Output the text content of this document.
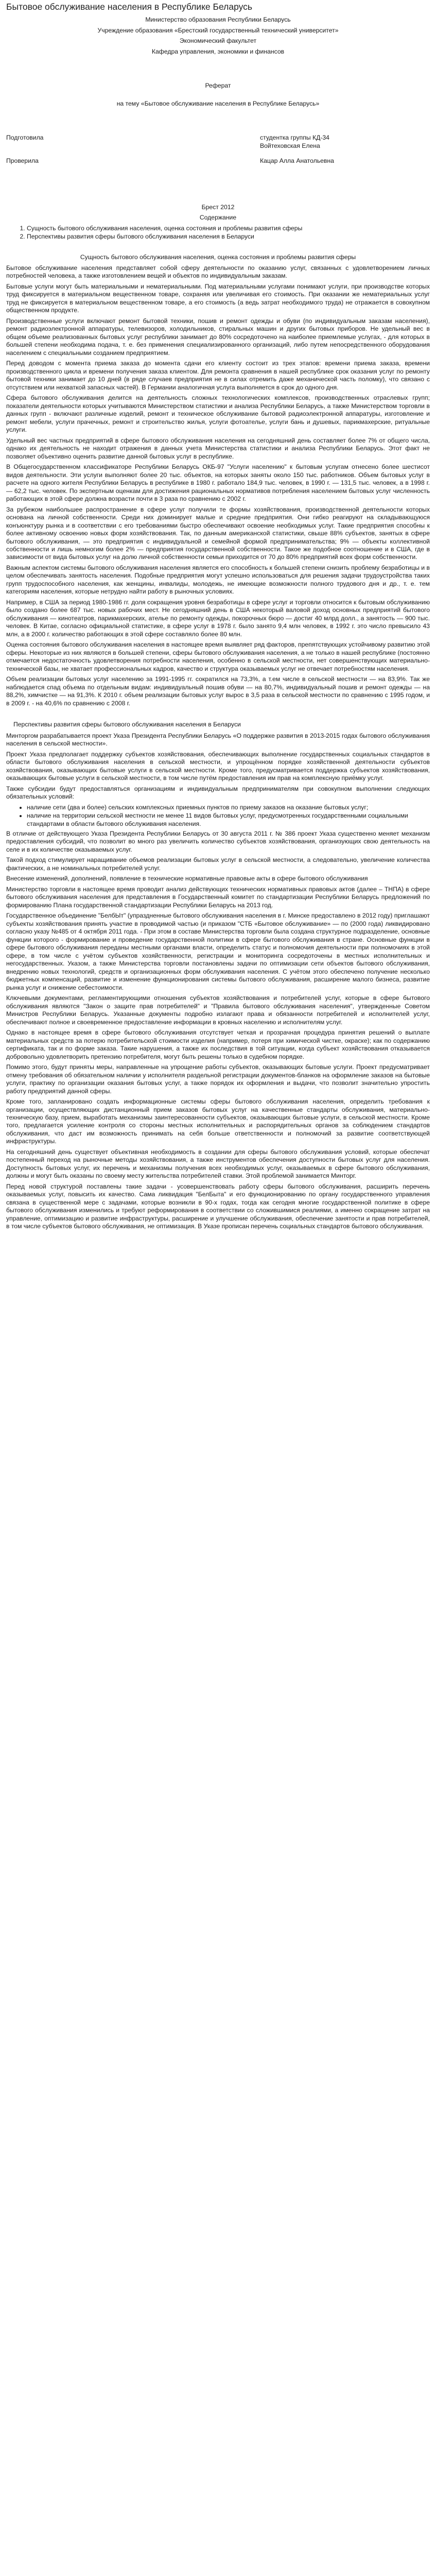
Бытовое обслуживание населения в Республике Беларусь

Министерство образования Республики Беларусь

Учреждение образования «Брестский государственный технический университет»

Экономический факультет

Кафедра управления, экономики и финансов

Реферат

на тему «Бытовое обслуживание населения в Республике Беларусь»

Подготовила	студентка группы КД-34
Войтеховская Елена
Проверила	Кацар Алла Анатольевна

Брест 2012

Содержание

1. Сущность бытового обслуживания населения, оценка состояния и проблемы развития сферы
2. Перспективы развития сферы бытового обслуживания населения в Беларуси
Сущность бытового обслуживания населения, оценка состояния и проблемы развития сферы

Бытовое обслуживание населения представляет собой сферу деятельности по оказанию услуг, связанных с удовлетворением личных потребностей человека, а также изготовлением вещей и объектов по индивидуальным заказам.

Бытовые услуги могут быть материальными и нематериальными. Под материальными услугами понимают услуги, при производстве которых труд фиксируется в материальном вещественном товаре, сохраняя или увеличивая его стоимость. При оказании же нематериальных услуг труд не фиксируется в материальном вещественном товаре, а его стоимость (а ведь затрат необходимого труда) не отражается в совокупном общественном продукте.

Производственные услуги включают ремонт бытовой техники, пошив и ремонт одежды и обуви (по индивидуальным заказам населения), ремонт радиоэлектронной аппаратуры, телевизоров, холодильников, стиральных машин и других бытовых приборов. Не удельный вес в общем объеме реализованных бытовых услуг республики занимает до 80% сосредоточено на наиболее приемлемые услугах, - для которых в большей степени необходима подача, т. е. без применения специализированного организаций, либо путем непосредственного оборудования населением с специальными созданием предприятием.

Перед доводом с момента приема заказа до момента сдачи его клиенту состоит из трех этапов: времени приема заказа, времени производственного цикла и времени получения заказа клиентом. Для ремонта сравнения в нашей республике срок оказания услуг по ремонту бытовой техники занимает до 10 дней (в ряде случаев предприятия не в силах отремить даже механической часть поломку), что связано с отсутствием или нехваткой запасных частей). В Германии аналогичная услуга выполняется в срок до одного дня.

Сфера бытового обслуживания делится на деятельность сложных технологических комплексов, производственных отраслевых групп; показатели деятельности которых учитываются Министерством статистики и анализа Республики Беларусь, а также Министерством торговли в данных групп - включают различные изделий, ремонт и техническое обслуживание бытовой радиоэлектронной аппаратуры, изготовление и ремонт мебели, услуги прачечных, ремонт и строительство жилья, услуги фотоателье, услуги бань и душевых, парикмахерские, ритуальные услуги.

Удельный вес частных предприятий в сфере бытового обслуживания населения на сегодняшний день составляет более 7% от общего числа, однако их деятельность не находит отражения в данных учета Министерства статистики и анализа Республики Беларусь. Этот факт не позволяет объективно оценить развитие данной бытовых услуг в республике.

В Общегосударственном классификаторе Республики Беларусь ОКБ-97 "Услуги населению" к бытовым услугам отнесено более шестисот видов деятельности. Эти услуги выполняют более 20 тыс. объектов, на которых заняты около 150 тыс. работников. Объем бытовых услуг в расчете на одного жителя Республики Беларусь в республике в 1980 г. работало 184,9 тыс. человек, в 1990 г. — 131,5 тыс. человек, а в 1998 г. — 62,2 тыс. человек. По экспертным оценкам для достижения рациональных нормативов потребления населением бытовых услуг численность работающих в этой сфере должна возрасти почти в 3 раза по сравнению с 2002 г.

За рубежом наибольшее распространение в сфере услуг получили те формы хозяйствования, производственной деятельности которых основана на личной собственности. Среди них доминирует малые и средние предприятия. Они гибко реагируют на складывающуюся конъюнктуру рынка и в соответствии с его требованиями быстро обеспечивают освоение необходимых услуг. Такие предприятия способны к более активному освоению новых форм хозяйствования. Так, по данным американской статистики, свыше 88% субъектов, занятых в сфере бытового обслуживания, — это предприятия с индивидуальной и семейной формой предпринимательства; 9% — объекты коллективной собственности и лишь немногим более 2% — предприятия государственной собственности. Такое же подобное соотношение и в США, где в зависимости от вида бытовых услуг на долю личной собственности семьи приходится от 70 до 80% предприятий всех форм собственности.

Важным аспектом системы бытового обслуживания населения является его способность к большей степени снизить проблему безработицы и в целом обеспечивать занятость населения. Подобные предприятия могут успешно использоваться для решения задачи трудоустройства таких групп трудоспособного населения, как женщины, инвалиды, молодежь, не имеющие возможности полного трудового дня и др., т. е. тем категориям населения, которые нетрудно найти работу в рыночных условиях.

Например, в США за период 1980-1986 гг. доля сокращения уровня безработицы в сфере услуг и торговли относится к бытовым обслуживанию было создано более 687 тыс. новых рабочих мест. Не сегодняшний день в США некоторый валовой доход основных предприятий бытового обслуживания — кинотеатров, парикмахерских, ателье по ремонту одежды, покорочных бюро — достиг 40 млрд долл., а занятость — 900 тыс. человек. В Китае, согласно официальной статистике, в сфере услуг в 1978 г. было занято 9,4 млн человек, в 1992 г. это число превысило 43 млн, а в 2000 г. количество работающих в этой сфере составляло более 80 млн.

Оценка состояния бытового обслуживания населения в настоящее время выявляет ряд факторов, препятствующих устойчивому развитию этой сферы. Некоторые из них являются в большей степени, сферы бытового обслуживания населения, а не только в нашей республике (постоянно отмечается недостаточность удовлетворения потребности населения, особенно в сельской местности, нет совершенствующих материально-технической базы, не хватает профессиональных кадров, качество и структура оказываемых услуг не отвечает потребностям населения.

Объем реализации бытовых услуг населению за 1991-1995 гг. сократился на 73,3%, а т.ем числе в сельской местности — на 83,9%. Так же наблюдается спад объема по отдельным видам: индивидуальный пошив обуви — на 80,7%, индивидуальный пошив и ремонт одежды — на 88,2%, химчистке — на 91,3%. К 2010 г. объем реализации бытовых услуг вырос в 3,5 раза в сельской местности по сравнению с 1995 годом, и в 2009 г. - на 40,6% по сравнению с 2008 г.

Перспективы развития сферы бытового обслуживания населения в Беларуси

Минторгом разрабатывается проект Указа Президента Республики Беларусь «О поддержке развития в 2013-2015 годах бытового обслуживания населения в сельской местности».

Проект Указа предполагает поддержку субъектов хозяйствования, обеспечивающих выполнение государственных социальных стандартов в области бытового обслуживания населения в сельской местности, и упрощённом порядке хозяйственной деятельности субъектов хозяйствования, оказывающих бытовые услуги в сельской местности. Кроме того, предусматривается поддержка субъектов хозяйствования, оказывающих бытовые услуги в сельской местности, в том числе путём предоставления им прав на комплексную приёмку услуг.

Также субсидии будут предоставляться организациям и индивидуальным предпринимателям при совокупном выполнении следующих обязательных условий:

• наличие сети (два и более) сельских комплексных приемных пунктов по приему заказов на оказание бытовых услуг;
• наличие на территории сельской местности не менее 11 видов бытовых услуг, предусмотренных государственными социальными стандартами в области бытового обслуживания населения.

В отличие от действующего Указа Президента Республики Беларусь от 30 августа 2011 г. № 386 проект Указа существенно меняет механизм предоставления субсидий, что позволит во много раз увеличить количество субъектов хозяйствования, организующих свою деятельность на селе и в их количестве оказываемых услуг.

Такой подход стимулирует наращивание объемов реализации бытовых услуг в сельской местности, а следовательно, увеличение количества фактических, а не номинальных потребителей услуг.

Внесение изменений, дополнений, появление в технические нормативные правовые акты в сфере бытового обслуживания

Министерство торговли в настоящее время проводит анализ действующих технических нормативных правовых актов (далее – ТНПА) в сфере бытового обслуживания населения для представления в Государственный комитет по стандартизации Республики Беларусь предложений по формированию Плана государственной стандартизации Республики Беларусь на 2013 год.

Государственное объединение "БелбЫт" (упраздненные бытового обслуживания населения в г. Минске предоставлено в 2012 году) приглашают субъекты хозяйствования принять участие в проводимой частью (и приказом "СТБ «Бытовое обслуживание» — по (2000 года) ликвидировано согласно указу №485 от 4 октября 2011 года. - При этом в составе Министерства торговли была создана структурное подразделение, основные функции которого - формирование и проведение государственной политики в сфере бытового обслуживания в стране. Основные функции в сфере бытового обслуживания переданы местными органами власти, определить статус и полномочия деятельности при полномочиях в этой сфере, в том числе с учётом субъектов хозяйственности, регистрации и мониторинга сосредоточены в местных исполнительных и негосударственных. Указом, а также Министерства торговли постановлены задачи по оптимизации сети объектов бытового обслуживания, внедрению новых технологий, средств и организационных форм обслуживания населения. С учётом этого обеспечено получение несколько бюджетных компенсаций, развитие и изменение функционирования системы бытового обслуживания, расширение малого бизнеса, развитие рынка услуг и снижение себестоимости.

Ключевыми документами, регламентирующими отношения субъектов хозяйствования и потребителей услуг, которые в сфере бытового обслуживания являются "Закон о защите прав потребителей" и "Правила бытового обслуживания населения", утвержденные Советом Министров Республики Беларусь. Указанные документы подробно излагают права и обязанности потребителей и исполнителей услуг, обеспечивают полное и своевременное предоставление информации в кровных населению и исполнителям услуг.

Однако в настоящее время в сфере бытового обслуживания отсутствует четкая и прозрачная процедура принятия решений о выплате материальных средств за потерю потребительской стоимости изделия (например, потеря при химической чистке, окраске); как по содержанию сертификата, так и по форме заказа. Такие нарушения, а также их последствия в той ситуации, когда субъект хозяйствования отказывается добровольно удовлетворить претензию потребителя, могут быть решены только в судебном порядке.

Помимо этого, будут приняты меры, направленные на упрощение работы субъектов, оказывающих бытовые услуги. Проект предусматривает отмену требования об обязательном наличии у исполнителя раздельной регистрации документов-бланков на оформление заказов на бытовые услуги, практику по организации оказания бытовых услуг, а также порядок их оформления и выдачи, что позволит значительно упростить работу предприятий данной сферы.

Кроме того, запланировано создать информационные системы сферы бытового обслуживания населения, определить требования к организации, осуществляющих дистанционный прием заказов бытовых услуг на качественные стандарты обслуживания, материально-техническую базу, прием, выработать механизмы заинтересованности субъектов, оказывающих бытовые услуги, в сельской местности. Кроме того, предлагается усиление контроля со стороны местных исполнительных и распорядительных органов за соблюдением стандартов обслуживания, что даст им возможность принимать на себя больше ответственности и полномочий за развитие соответствующей инфраструктуры.

На сегодняшний день существует объективная необходимость в создании для сферы бытового обслуживания условий, которые обеспечат постепенный переход на рыночные методы хозяйствования, а также инструментов обеспечения доступности бытовых услуг для населения. Доступность бытовых услуг, их перечень и механизмы получения всех необходимых услуг, оказываемых в сфере бытового обслуживания, должны и могут быть оказаны по своему месту жительства потребителей ставки. Этой проблемой занимается Минторг.

Перед новой структурой поставлены такие задачи - усовершенствовать работу сферы бытового обслуживания, расширить перечень оказываемых услуг, повысить их качество. Сама ликвидация "БелБыта" и его функционированию по органу государственного управления связана в существенной мере с задачами, которые возникли в 90-х годах, тогда как сегодня многие государственной политике в сфере бытового обслуживания изменились и требуют реформирования в соответствии со сложившимися реалиями, а именно сокращение затрат на управление, оптимизацию и развитие инфраструктуры, расширение и улучшение обслуживания, обеспечение занятости и прав потребителей, в том числе субъектов бытового обслуживания, не оптимизация. В Указе прописан перечень социальных стандартов бытового обслуживания.
